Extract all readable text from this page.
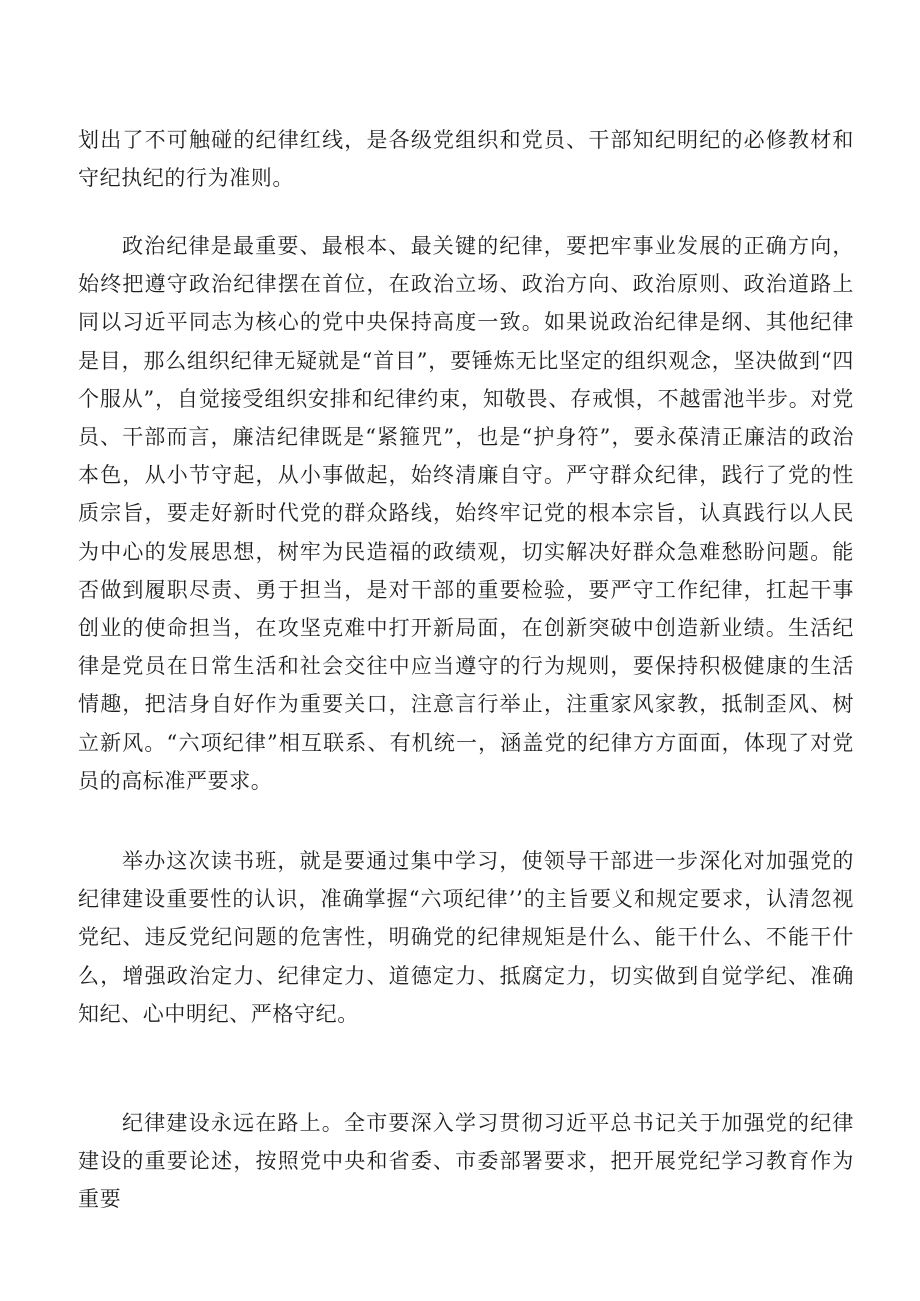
划出了不可触碰的纪律红线，是各级党组织和党员、干部知纪明纪的必修教材和守纪执纪的行为准则。

政治纪律是最重要、最根本、最关键的纪律，要把牢事业发展的正确方向，始终把遵守政治纪律摆在首位，在政治立场、政治方向、政治原则、政治道路上同以习近平同志为核心的党中央保持高度一致。如果说政治纪律是纲、其他纪律是目，那么组织纪律无疑就是“首目”，要锤炼无比坚定的组织观念，坚决做到“四个服从”，自觉接受组织安排和纪律约束，知敬畏、存戒惧，不越雷池半步。对党员、干部而言，廉洁纪律既是“紧箍咒”，也是“护身符”，要永葆清正廉洁的政治本色，从小节守起，从小事做起，始终清廉自守。严守群众纪律，践行了党的性质宗旨，要走好新时代党的群众路线，始终牢记党的根本宗旨，认真践行以人民为中心的发展思想，树牢为民造福的政绩观，切实解决好群众急难愁盼问题。能否做到履职尽责、勇于担当，是对干部的重要检验，要严守工作纪律，扛起干事创业的使命担当，在攻坚克难中打开新局面，在创新突破中创造新业绩。生活纪律是党员在日常生活和社会交往中应当遵守的行为规则，要保持积极健康的生活情趣，把洁身自好作为重要关口，注意言行举止，注重家风家教，抵制歪风、树立新风。“六项纪律”相互联系、有机统一，涵盖党的纪律方方面面，体现了对党员的高标准严要求。

举办这次读书班，就是要通过集中学习，使领导干部进一步深化对加强党的纪律建设重要性的认识，准确掌握“六项纪律’’的主旨要义和规定要求，认清忽视党纪、违反党纪问题的危害性，明确党的纪律规矩是什么、能干什么、不能干什么，增强政治定力、纪律定力、道德定力、抵腐定力，切实做到自觉学纪、准确知纪、心中明纪、严格守纪。

纪律建设永远在路上。全市要深入学习贯彻习近平总书记关于加强党的纪律建设的重要论述，按照党中央和省委、市委部署要求，把开展党纪学习教育作为重要
